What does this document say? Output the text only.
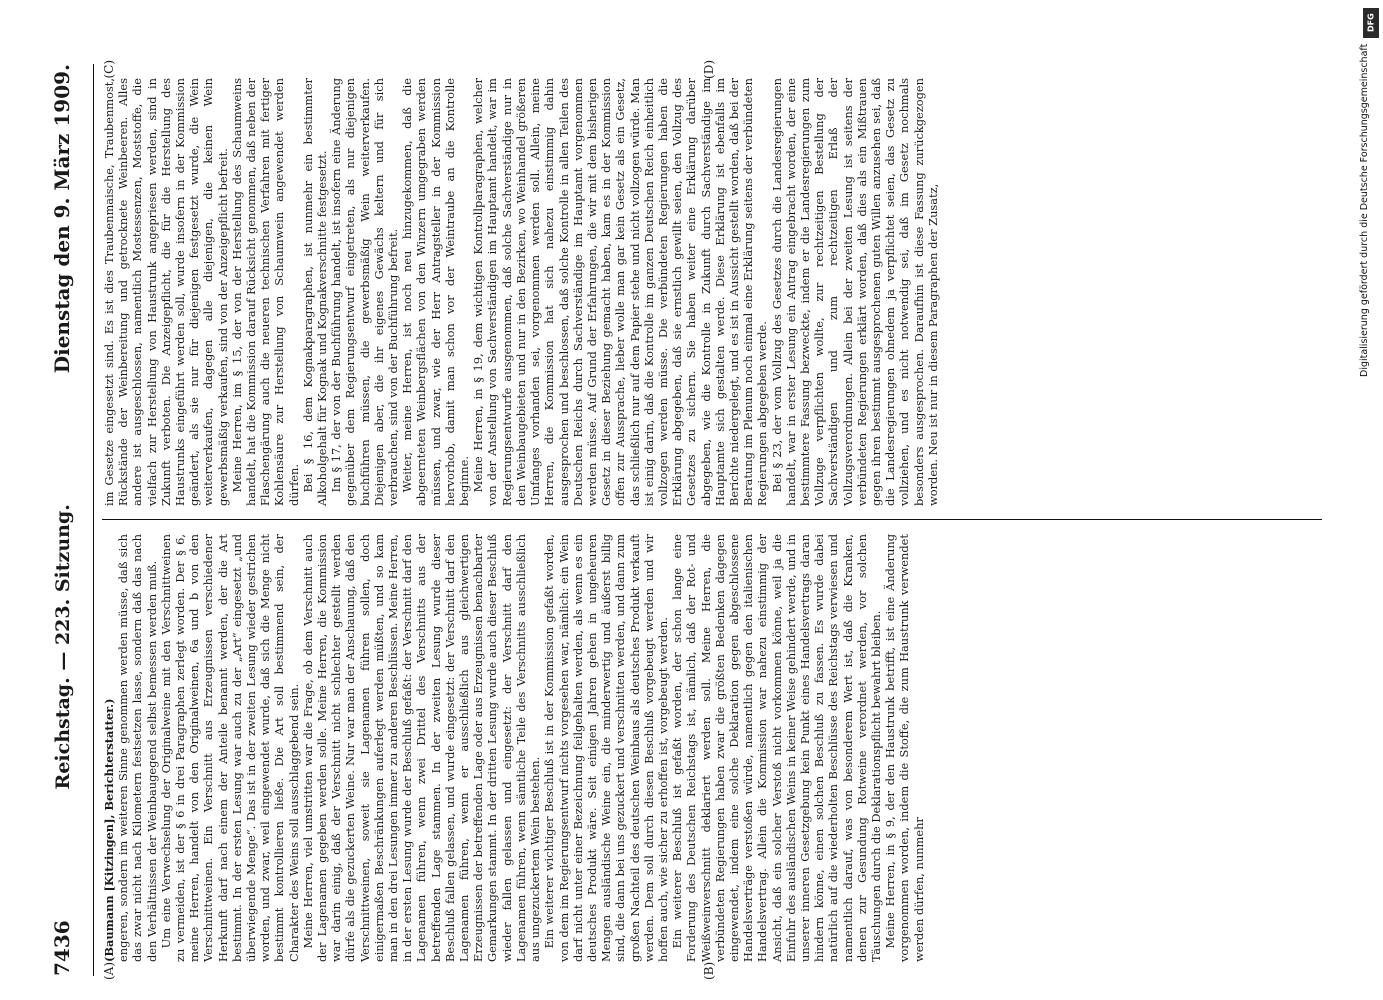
7436
Reichstag. — 223. Sitzung.
Dienstag den 9. März 1909.

(Baumann [Kitzingen], Berichterstatter.) engeren, sondern im weiteren Sinne genommen werden müsse, daß sich das zwar nicht nach Kilometern festsetzen lasse, sondern daß das nach den Verhältnissen der Weinbaugegend selbst bemessen werden muß. Um eine Verwechselung der Originalweine mit den Verschnittweinen zu vermeiden, ist der § 6 in drei Paragraphen zerlegt worden. Der § 6, meine Herren, handelt von den Originalweinen, 6a und b von den Verschnittweinen. Ein Verschnitt aus Erzeugnissen verschiedener Herkunft darf nach einem der Anteile benannt werden, der die Art bestimmt. In der ersten Lesung war auch zu der „Art“ eingesetzt „und überwiegende Menge“. Das ist in der zweiten Lesung wieder gestrichen worden, und zwar, weil eingewendet wurde, daß sich die Menge nicht bestimmt kontrollieren ließe. Die Art soll bestimmend sein, der Charakter des Weins soll ausschlaggebend sein. Meine Herren, viel umstritten war die Frage, ob dem Verschnitt auch der Lagenamen gegeben werden solle. Meine Herren, die Kommission war darin einig, daß der Verschnitt nicht schlechter gestellt werden dürfe als die gezuckerten Weine. Nur war man der Anschauung, daß den Verschnittweinen, soweit sie Lagenamen führen sollen, doch einigermaßen Beschränkungen auferlegt werden müßten, und so kam man in den drei Lesungen immer zu anderen Beschlüssen. Meine Herren, in der ersten Lesung wurde der Beschluß gefaßt: der Verschnitt darf den Lagenamen führen, wenn zwei Drittel des Verschnitts aus der betreffenden Lage stammen. In der zweiten Lesung wurde dieser Beschluß fallen gelassen, und wurde eingesetzt: der Verschnitt darf den Lagenamen führen, wenn er ausschließlich aus gleichwertigen Erzeugnissen der betreffenden Lage oder aus Erzeugnissen benachbarter Gemarkungen stammt. In der dritten Lesung wurde auch dieser Beschluß wieder fallen gelassen und eingesetzt: der Verschnitt darf den Lagenamen führen, wenn sämtliche Teile des Verschnitts ausschließlich aus ungezuckertem Wein bestehen. Ein weiterer wichtiger Beschluß ist in der Kommission gefaßt worden, von dem im Regierungsentwurf nichts vorgesehen war, nämlich: ein Wein darf nicht unter einer Bezeichnung feilgehalten werden, als wenn es ein deutsches Produkt wäre. Seit einigen Jahren gehen in ungeheuren Mengen ausländische Weine ein, die minderwertig und äußerst billig sind, die dann bei uns gezuckert und verschnitten werden, und dann zum großen Nachteil des deutschen Weinbaus als deutsches Produkt verkauft werden. Dem soll durch diesen Beschluß vorgebeugt werden und wir hoffen auch, wie sicher zu erhoffen ist, vorgebeugt werden. Ein weiterer Beschluß ist gefaßt worden, der schon lange eine Forderung des Deutschen Reichstags ist, nämlich, daß der Rot- und Weißweinverschnitt deklariert werden soll. Meine Herren, die verbündeten Regierungen haben zwar die größten Bedenken dagegen eingewendet, indem eine solche Deklaration gegen abgeschlossene Handelsverträge verstoßen würde, namentlich gegen den italienischen Handelsvertrag. Allein die Kommission war nahezu einstimmig der Ansicht, daß ein solcher Verstoß nicht vorkommen könne, weil ja die Einfuhr des ausländischen Weins in keiner Weise gehindert werde, und in unserer inneren Gesetzgebung kein Punkt eines Handelsvertrags daran hindern könne, einen solchen Beschluß zu fassen. Es wurde dabei natürlich auf die wiederholten Beschlüsse des Reichstags verwiesen und namentlich darauf, was von besonderem Wert ist, daß die Kranken, denen zur Gesundung Rotweine verordnet werden, vor solchen Täuschungen durch die Deklarationspflicht bewahrt bleiben. Meine Herren, in § 9, der den Haustrunk betrifft, ist eine Änderung vorgenommen worden, indem die Stoffe, die zum Haustrunk verwendet werden dürfen, nunmehr

im Gesetze eingesetzt sind. Es ist dies Traubenmaische, Traubenmost, Rückstände der Weinbereitung und getrocknete Weinbeeren. Alles andere ist ausgeschlossen, namentlich Mostessenzen, Moststoffe, die vielfach zur Herstellung von Haustrunk angepriesen werden, sind in Zukunft verboten. Die Anzeigepflicht, die für die Herstellung des Haustrunks eingeführt werden soll, wurde insofern in der Kommission geändert, als sie nur für diejenigen festgesetzt wurde, die Wein weiterverkaufen, dagegen alle diejenigen, die keinen Wein gewerbsmäßig verkaufen, sind von der Anzeigepflicht befreit. Meine Herren, im § 15, der von der Herstellung des Schaumweins handelt, hat die Kommission darauf Rücksicht genommen, daß neben der Flaschengärung auch die neueren technischen Verfahren mit fertiger Kohlensäure zur Herstellung von Schaumwein angewendet werden dürfen. Bei § 16, dem Kognakparagraphen, ist nunmehr ein bestimmter Alkoholgehalt für Kognak und Kognakverschnitte festgesetzt. Im § 17, der von der Buchführung handelt, ist insofern eine Änderung gegenüber dem Regierungsentwurf eingetreten, als nur diejenigen buchführen müssen, die gewerbsmäßig Wein weiterverkaufen. Diejenigen aber, die ihr eigenes Gewächs keltern und für sich verbrauchen, sind von der Buchführung befreit. Weiter, meine Herren, ist noch neu hinzugekommen, daß die abgeernteten Weinbergsflächen von den Winzern umgegraben werden müssen, und zwar, wie der Herr Antragsteller in der Kommission hervorhob, damit man schon vor der Weintraube an die Kontrolle beginne. Meine Herren, in § 19, dem wichtigen Kontrollparagraphen, welcher von der Anstellung von Sachverständigen im Hauptamt handelt, war im Regierungsentwurfe ausgenommen, daß solche Sachverständige nur in den Weinbaugebieten und nur in den Bezirken, wo Weinhandel größeren Umfanges vorhanden sei, vorgenommen werden soll. Allein, meine Herren, die Kommission hat sich nahezu einstimmig dahin ausgesprochen und beschlossen, daß solche Kontrolle in allen Teilen des Deutschen Reichs durch Sachverständige im Hauptamt vorgenommen werden müsse. Auf Grund der Erfahrungen, die wir mit dem bisherigen Gesetz in dieser Beziehung gemacht haben, kam es in der Kommission offen zur Aussprache, lieber wolle man gar kein Gesetz als ein Gesetz, das schließlich nur auf dem Papier stehe und nicht vollzogen würde. Man ist einig darin, daß die Kontrolle im ganzen Deutschen Reich einheitlich vollzogen werden müsse. Die verbündeten Regierungen haben die Erklärung abgegeben, daß sie ernstlich gewillt seien, den Vollzug des Gesetzes zu sichern. Sie haben weiter eine Erklärung darüber abgegeben, wie die Kontrolle in Zukunft durch Sachverständige im Hauptamte sich gestalten werde. Diese Erklärung ist ebenfalls im Berichte niedergelegt, und es ist in Aussicht gestellt worden, daß bei der Beratung im Plenum noch einmal eine Erklärung seitens der verbündeten Regierungen abgegeben werde. Bei § 23, der vom Vollzug des Gesetzes durch die Landesregierungen handelt, war in erster Lesung ein Antrag eingebracht worden, der eine bestimmtere Fassung bezweckte, indem er die Landesregierungen zum Vollzuge verpflichten wollte, zur rechtzeitigen Bestellung der Sachverständigen und zum rechtzeitigen Erlaß der Vollzugsverordnungen. Allein bei der zweiten Lesung ist seitens der verbündeten Regierungen erklärt worden, daß dies als ein Mißtrauen gegen ihren bestimmt ausgesprochenen guten Willen anzusehen sei, daß die Landesregierungen ohnedem ja verpflichtet seien, das Gesetz zu vollziehen, und es nicht notwendig sei, daß im Gesetz nochmals besonders ausgesprochen. Daraufhin ist diese Fassung zurückgezogen worden. Neu ist nur in diesem Paragraphen der Zusatz,

(A)	(B)
(C)	(D)
DFG
Digitalisierung gefördert durch die Deutsche Forschungsgemeinschaft
